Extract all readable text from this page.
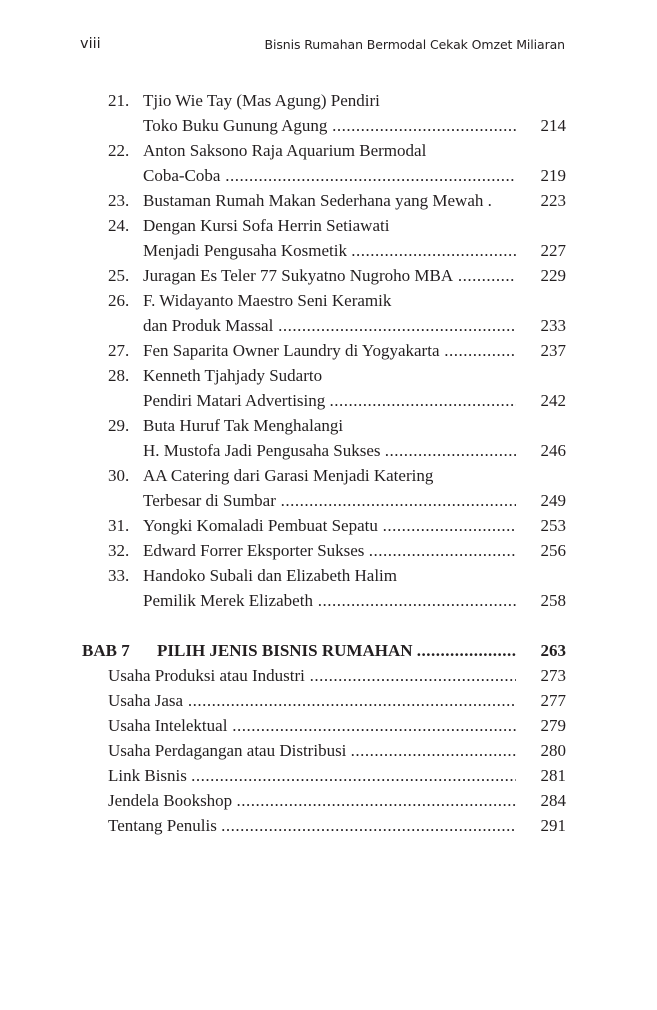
viii	Bisnis Rumahan Bermodal Cekak Omzet Miliaran
21. Tjio Wie Tay (Mas Agung) Pendiri
Toko Buku Gunung Agung .....	214
22. Anton Saksono Raja Aquarium Bermodal
Coba-Coba .....	219
23. Bustaman Rumah Makan Sederhana yang Mewah .	223
24. Dengan Kursi Sofa Herrin Setiawati
Menjadi Pengusaha Kosmetik .....	227
25. Juragan Es Teler 77 Sukyatno Nugroho MBA .....	229
26. F. Widayanto Maestro Seni Keramik
dan Produk Massal .....	233
27. Fen Saparita Owner Laundry di Yogyakarta .....	237
28. Kenneth Tjahjady Sudarto
Pendiri Matari Advertising .....	242
29. Buta Huruf Tak Menghalangi
H. Mustofa Jadi Pengusaha Sukses .....	246
30. AA Catering dari Garasi Menjadi Katering
Terbesar di Sumbar .....	249
31. Yongki Komaladi Pembuat Sepatu .....	253
32. Edward Forrer Eksporter Sukses .....	256
33. Handoko Subali dan Elizabeth Halim
Pemilik Merek Elizabeth .....	258
BAB 7 PILIH JENIS BISNIS RUMAHAN .....	263
Usaha Produksi atau Industri .....	273
Usaha Jasa .....	277
Usaha Intelektual .....	279
Usaha Perdagangan atau Distribusi .....	280
Link Bisnis .....	281
Jendela Bookshop .....	284
Tentang Penulis .....	291
